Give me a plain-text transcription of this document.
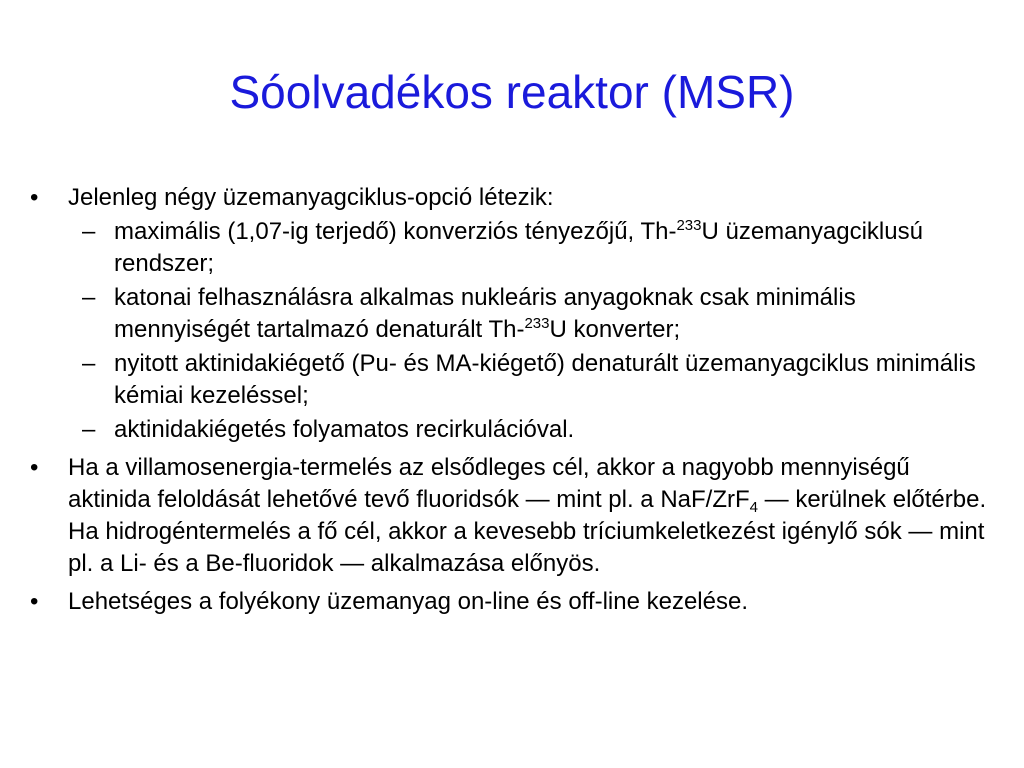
Sóolvadékos reaktor (MSR)
•	Jelenleg négy üzemanyagciklus-opció létezik:
– maximális (1,07-ig terjedő) konverziós tényezőjű, Th-$^{233}$U üzemanyagciklusú rendszer;
– katonai felhasználásra alkalmas nukleáris anyagoknak csak minimális mennyiségét tartalmazó denaturált Th-$^{233}$U konverter;
– nyitott aktinidakiégető (Pu- és MA-kiégető) denaturált üzemanyagciklus minimális kémiai kezeléssel;
– aktinidakiégetés folyamatos recirkulációval.
•	Ha a villamosenergia-termelés az elsődleges cél, akkor a nagyobb mennyiségű aktinida feloldását lehetővé tevő fluoridsók — mint pl. a NaF/ZrF$_4$ — kerülnek előtérbe. Ha hidrogéntermelés a fő cél, akkor a kevesebb tríciumkeletkezést igénylő sók — mint pl. a Li- és a Be-fluoridok — alkalmazása előnyös.
•	Lehetséges a folyékony üzemanyag on-line és off-line kezelése.
